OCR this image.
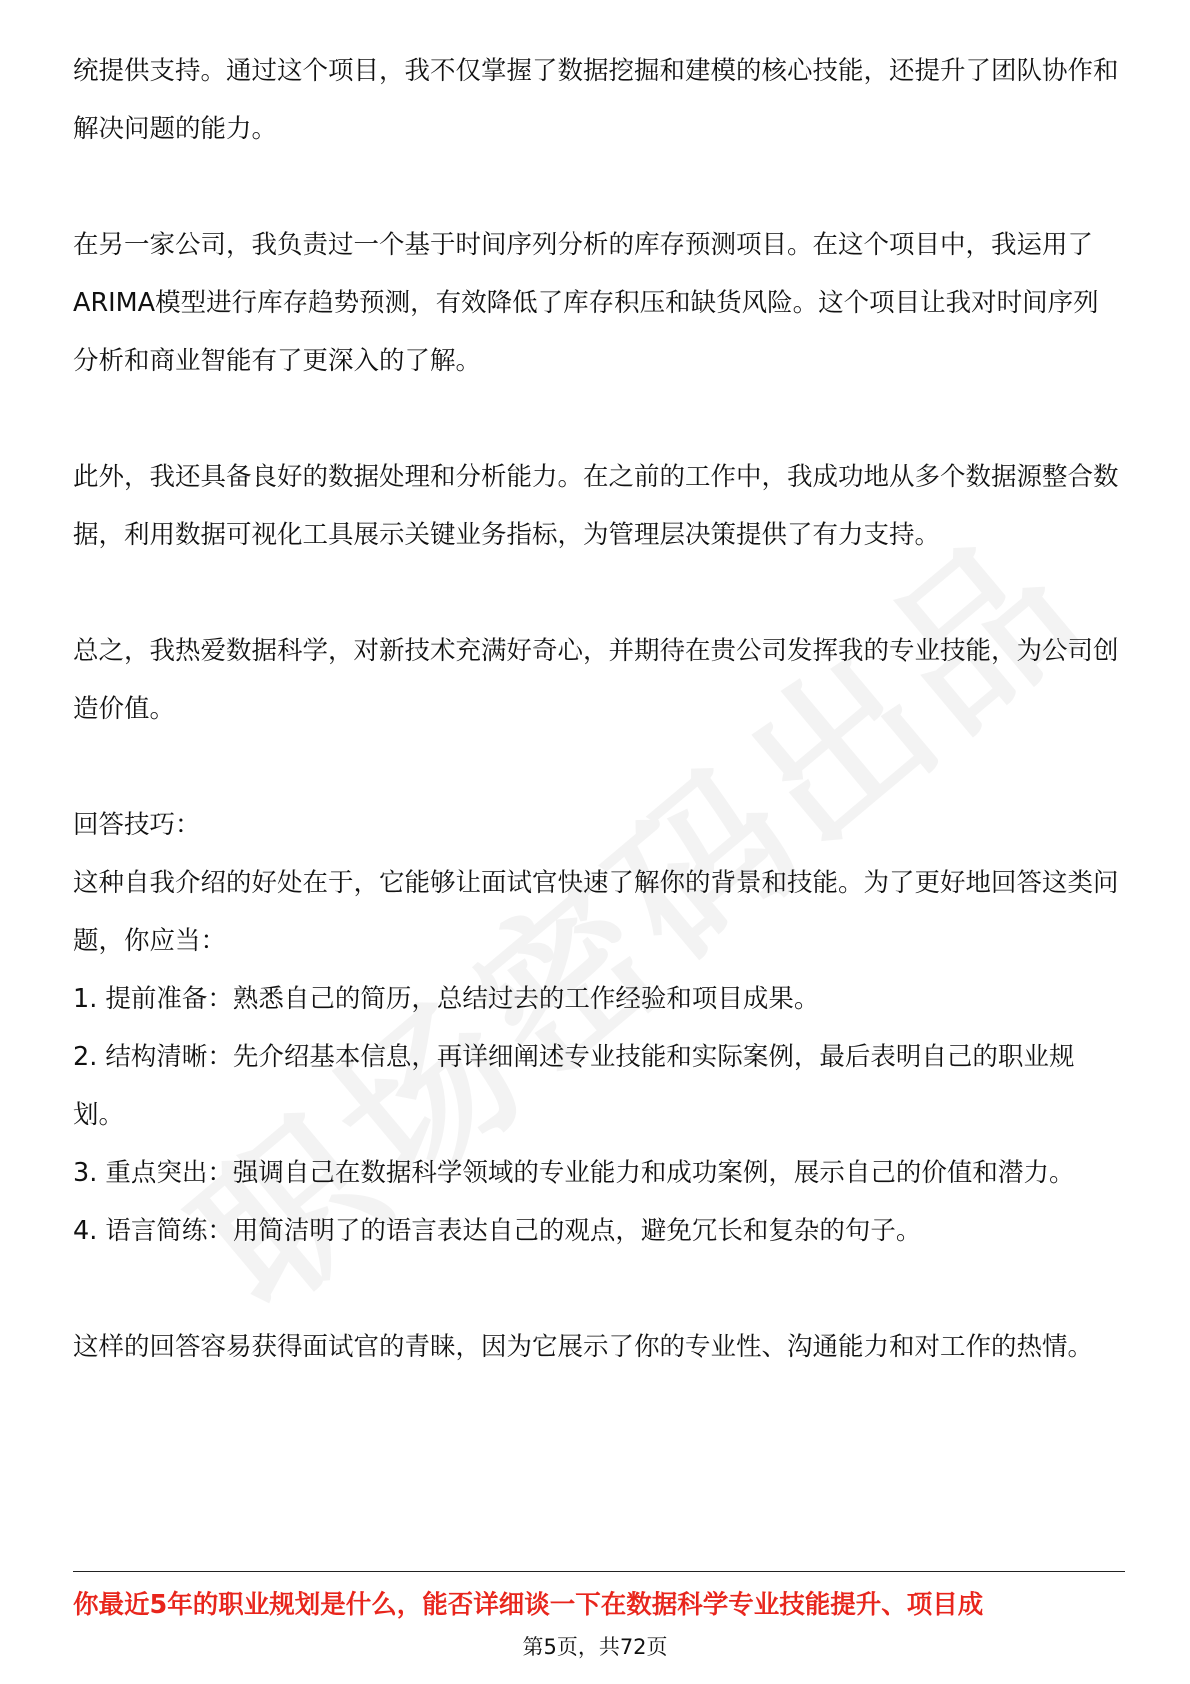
统提供支持。通过这个项目，我不仅掌握了数据挖掘和建模的核心技能，还提升了团队协作和解决问题的能力。

在另一家公司，我负责过一个基于时间序列分析的库存预测项目。在这个项目中，我运用了ARIMA模型进行库存趋势预测，有效降低了库存积压和缺货风险。这个项目让我对时间序列分析和商业智能有了更深入的了解。

此外，我还具备良好的数据处理和分析能力。在之前的工作中，我成功地从多个数据源整合数据，利用数据可视化工具展示关键业务指标，为管理层决策提供了有力支持。

总之，我热爱数据科学，对新技术充满好奇心，并期待在贵公司发挥我的专业技能，为公司创造价值。

回答技巧：

这种自我介绍的好处在于，它能够让面试官快速了解你的背景和技能。为了更好地回答这类问题，你应当：

1. 提前准备：熟悉自己的简历，总结过去的工作经验和项目成果。

2. 结构清晰：先介绍基本信息，再详细阐述专业技能和实际案例，最后表明自己的职业规划。

3. 重点突出：强调自己在数据科学领域的专业能力和成功案例，展示自己的价值和潜力。

4. 语言简练：用简洁明了的语言表达自己的观点，避免冗长和复杂的句子。

这样的回答容易获得面试官的青睐，因为它展示了你的专业性、沟通能力和对工作的热情。

你最近5年的职业规划是什么，能否详细谈一下在数据科学专业技能提升、项目成
第5页，共72页
